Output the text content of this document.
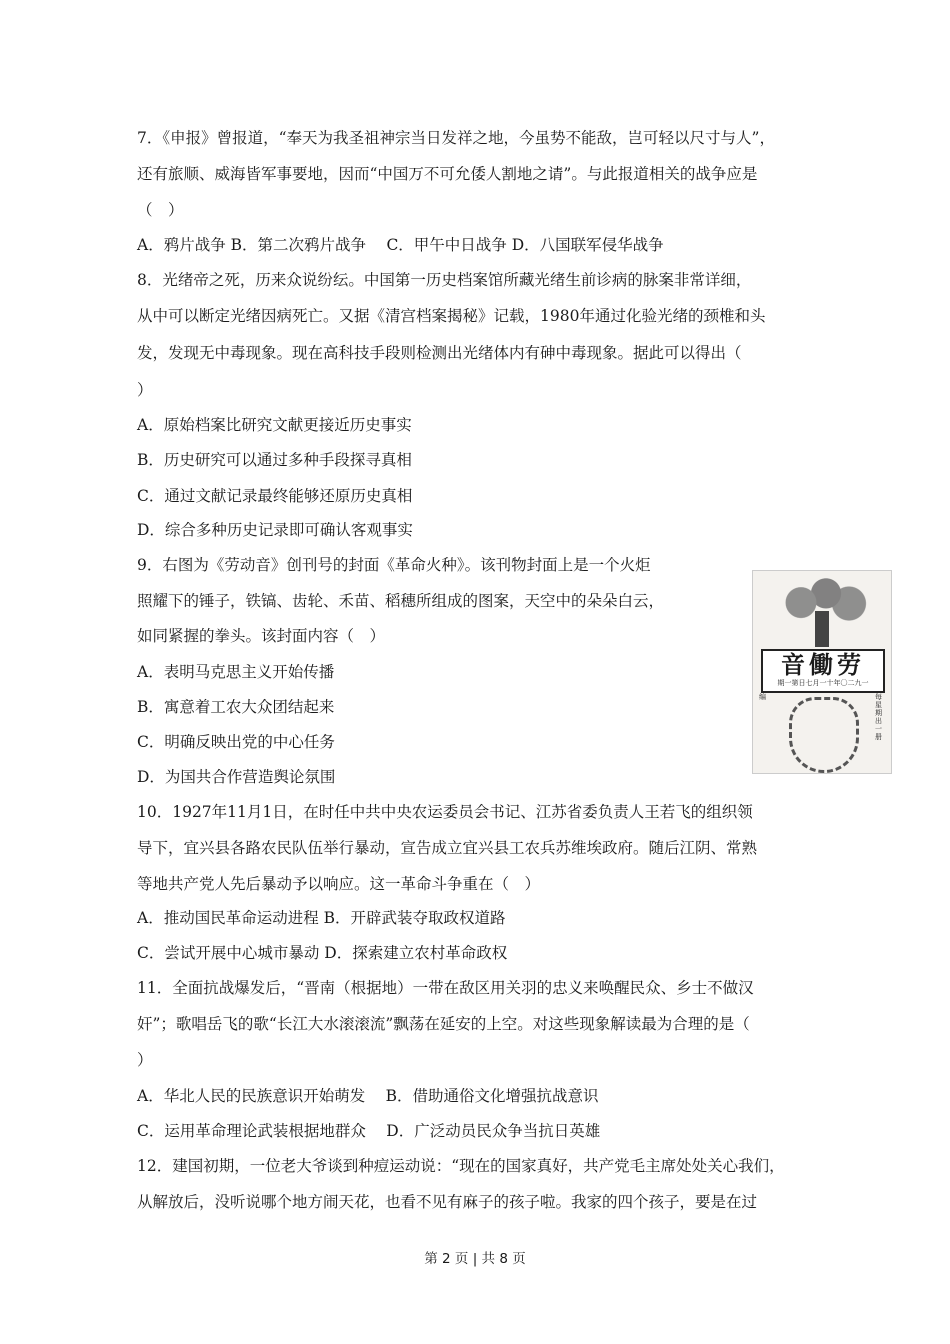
7．《申报》曾报道，“奉天为我圣祖神宗当日发祥之地，今虽势不能敌，岂可轻以尺寸与人”，
还有旅顺、威海皆军事要地，因而“中国万不可允倭人割地之请”。与此报道相关的战争应是
（　）
A．鸦片战争 B．第二次鸦片战争　 C．甲午中日战争 D．八国联军侵华战争
8．光绪帝之死，历来众说纷纭。中国第一历史档案馆所藏光绪生前诊病的脉案非常详细，
从中可以断定光绪因病死亡。又据《清宫档案揭秘》记载，1980年通过化验光绪的颈椎和头
发，发现无中毒现象。现在高科技手段则检测出光绪体内有砷中毒现象。据此可以得出（
）
A．原始档案比研究文献更接近历史事实
B．历史研究可以通过多种手段探寻真相
C．通过文献记录最终能够还原历史真相
D．综合多种历史记录即可确认客观事实
9．右图为《劳动音》创刊号的封面《革命火种》。该刊物封面上是一个火炬
照耀下的锤子，铁镐、齿轮、禾苗、稻穗所组成的图案，天空中的朵朵白云，
如同紧握的拳头。该封面内容（　）
A．表明马克思主义开始传播
B．寓意着工农大众团结起来
C．明确反映出党的中心任务
D．为国共合作营造舆论氛围
10．1927年11月1日，在时任中共中央农运委员会书记、江苏省委负责人王若飞的组织领
导下，宜兴县各路农民队伍举行暴动，宣告成立宜兴县工农兵苏维埃政府。随后江阴、常熟
等地共产党人先后暴动予以响应。这一革命斗争重在（　）
A．推动国民革命运动进程 B．开辟武装夺取政权道路
C．尝试开展中心城市暴动 D．探索建立农村革命政权
11．全面抗战爆发后，“晋南（根据地）一带在敌区用关羽的忠义来唤醒民众、乡士不做汉
奸”；歌唱岳飞的歌“长江大水滚滚流”飘荡在延安的上空。对这些现象解读最为合理的是（
）
A．华北人民的民族意识开始萌发　 B．借助通俗文化增强抗战意识
C．运用革命理论武装根据地群众　 D．广泛动员民众争当抗日英雄
12．建国初期，一位老大爷谈到种痘运动说：“现在的国家真好，共产党毛主席处处关心我们，
从解放后，没听说哪个地方闹天花，也看不见有麻子的孩子啦。我家的四个孩子，要是在过
音働劳
期一第日七月一十年〇二九一
编	每星期出一册
第 2 页 | 共 8 页
